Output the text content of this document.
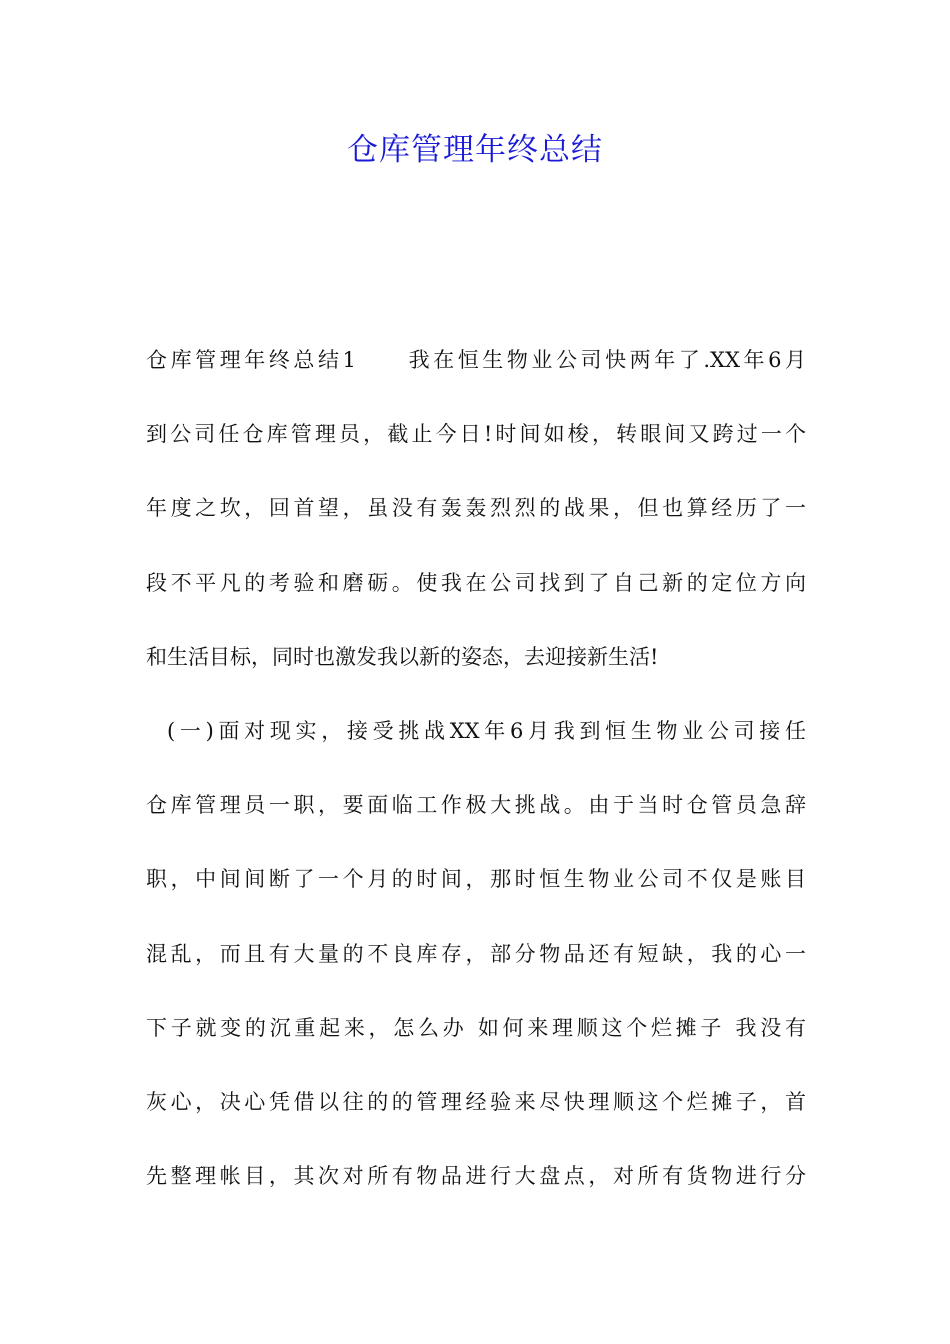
仓库管理年终总结
仓库管理年终总结1　　我在恒生物业公司快两年了.XX年6月
到公司任仓库管理员，截止今日!时间如梭，转眼间又跨过一个
年度之坎，回首望，虽没有轰轰烈烈的战果，但也算经历了一
段不平凡的考验和磨砺。使我在公司找到了自己新的定位方向
和生活目标，同时也激发我以新的姿态，去迎接新生活!
(一)面对现实，接受挑战XX年6月我到恒生物业公司接任
仓库管理员一职，要面临工作极大挑战。由于当时仓管员急辞
职，中间间断了一个月的时间，那时恒生物业公司不仅是账目
混乱，而且有大量的不良库存，部分物品还有短缺，我的心一
下子就变的沉重起来，怎么办 如何来理顺这个烂摊子 我没有
灰心，决心凭借以往的的管理经验来尽快理顺这个烂摊子，首
先整理帐目，其次对所有物品进行大盘点，对所有货物进行分
